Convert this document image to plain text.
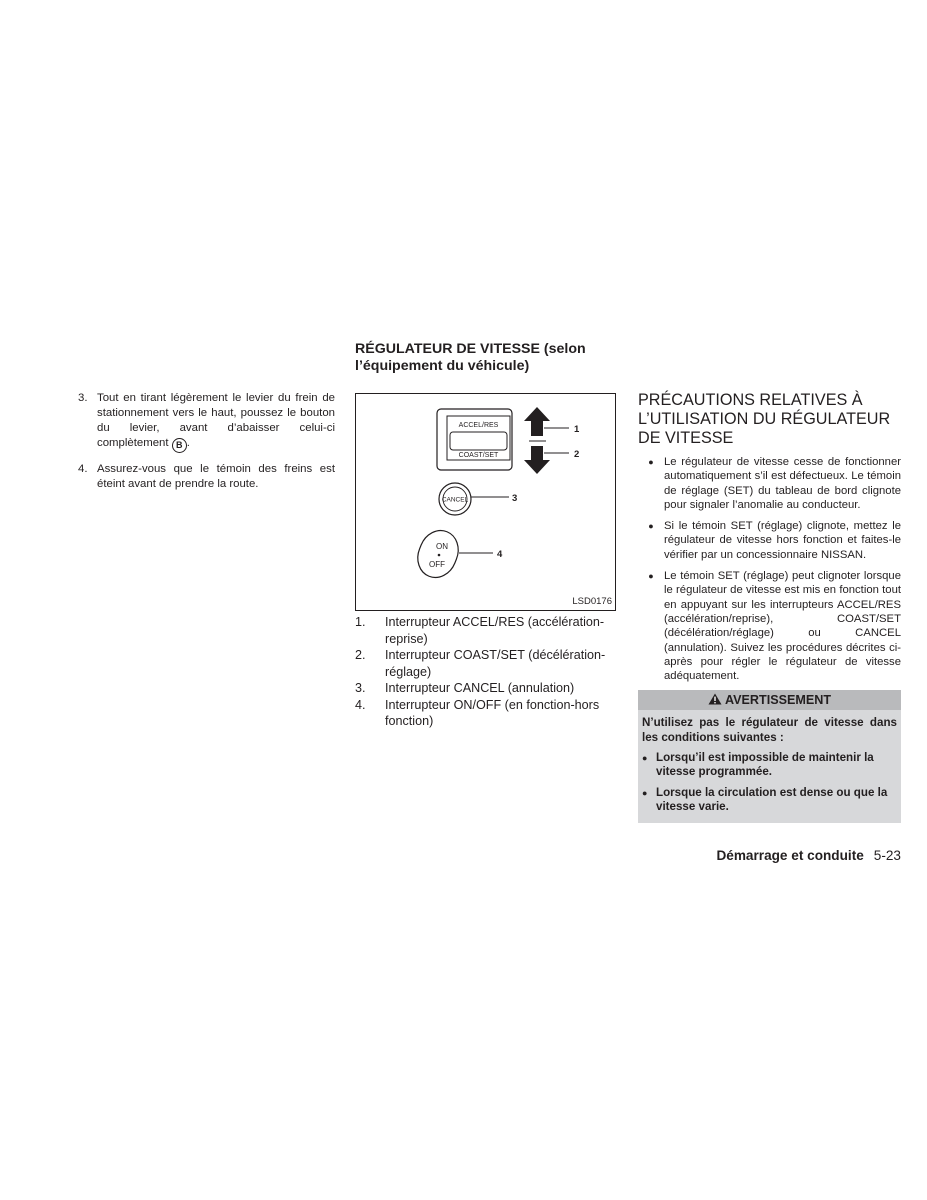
3. Tout en tirant légèrement le levier du frein de stationnement vers le haut, poussez le bouton du levier, avant d’abaisser celui-ci complètement B .
4. Assurez-vous que le témoin des freins est éteint avant de prendre la route.
RÉGULATEUR DE VITESSE (selon
l’équipement du véhicule)
ACCEL/RES
COAST/SET
1
2
CANCEL	3
ON
OFF
4
LSD0176
1.	Interrupteur ACCEL/RES (accélération-reprise)
2.	Interrupteur COAST/SET (décélération-réglage)
3.	Interrupteur CANCEL (annulation)
4.	Interrupteur ON/OFF (en fonction-hors fonction)
PRÉCAUTIONS RELATIVES À
L’UTILISATION DU RÉGULATEUR
DE VITESSE
● Le régulateur de vitesse cesse de fonctionner automatiquement s’il est défectueux. Le témoin de réglage (SET) du tableau de bord clignote pour signaler l’anomalie au conducteur.
● Si le témoin SET (réglage) clignote, mettez le régulateur de vitesse hors fonction et faites-le vérifier par un concessionnaire NISSAN.
● Le témoin SET (réglage) peut clignoter lorsque le régulateur de vitesse est mis en fonction tout en appuyant sur les interrupteurs ACCEL/RES (accélération/reprise), COAST/SET (décélération/réglage) ou CANCEL (annulation). Suivez les procédures décrites ci-après pour régler le régulateur de vitesse adéquatement.
AVERTISSEMENT
N’utilisez pas le régulateur de vitesse dans les conditions suivantes :
● Lorsqu’il est impossible de maintenir la vitesse programmée.
● Lorsque la circulation est dense ou que la vitesse varie.
Démarrage et conduite 5-23
